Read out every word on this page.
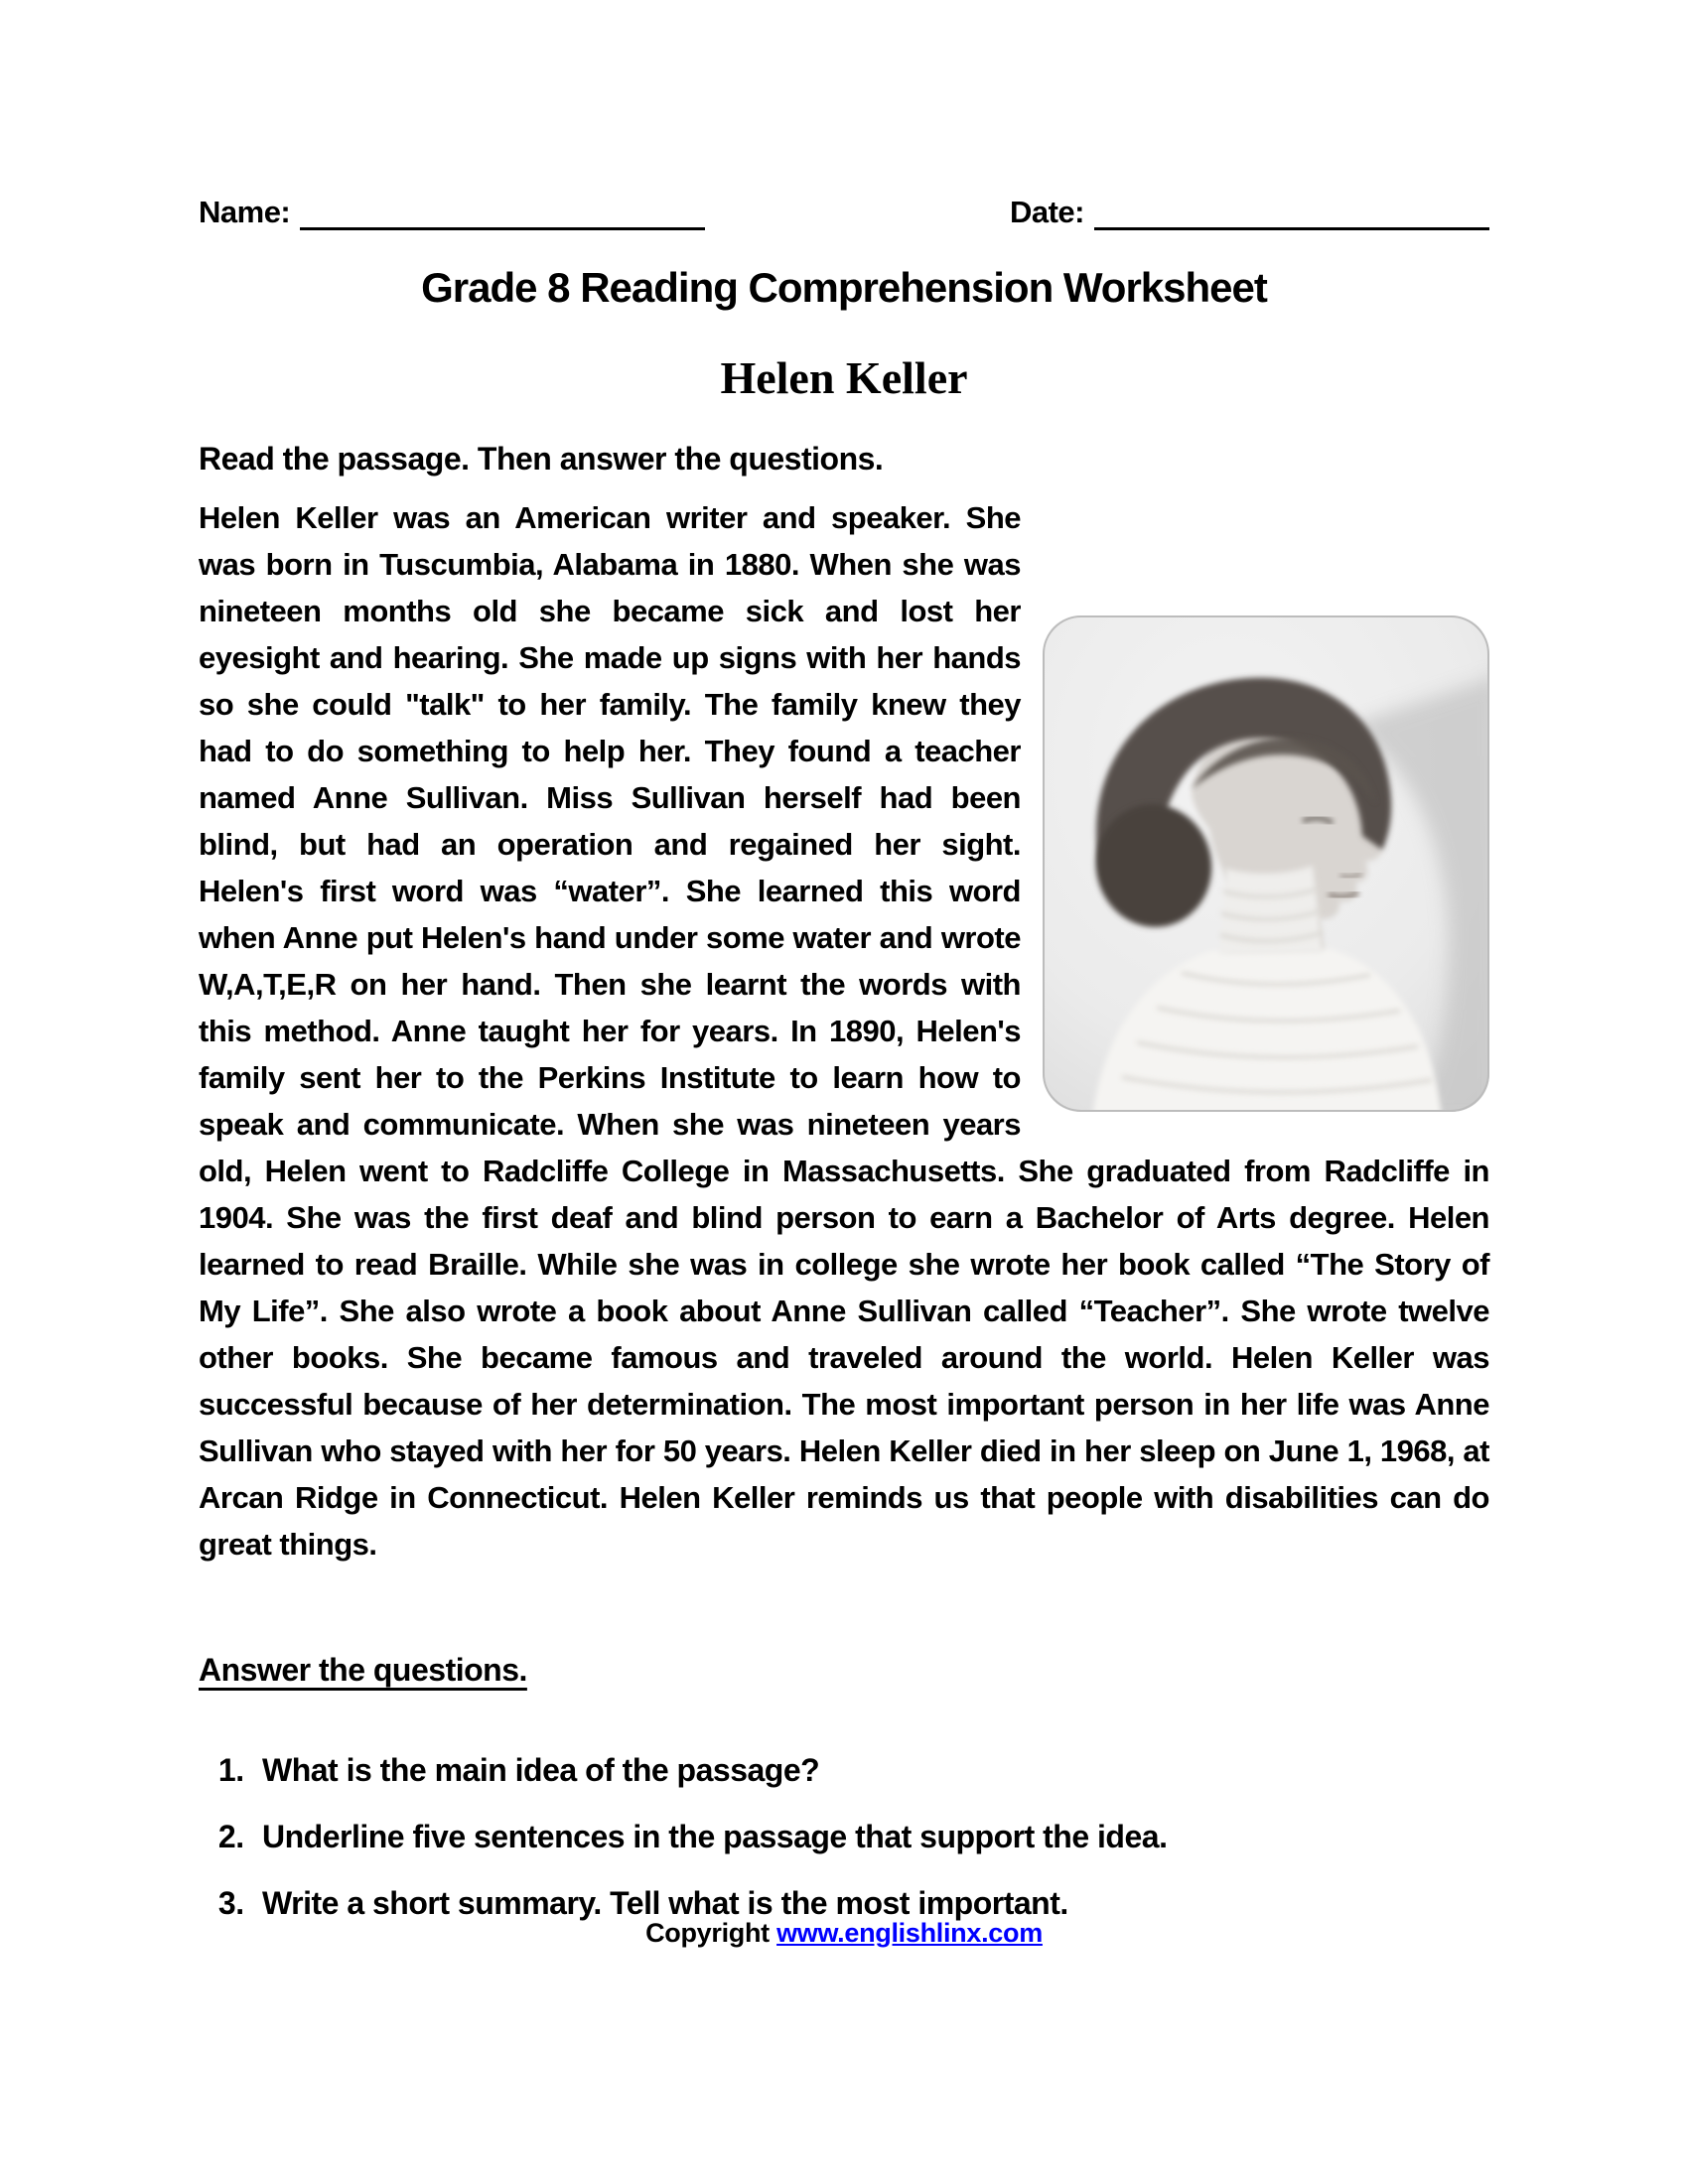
Name:	Date:
Grade 8 Reading Comprehension Worksheet
Helen Keller
Read the passage. Then answer the questions.
Helen Keller was an American writer and speaker. She was born in Tuscumbia, Alabama in 1880. When she was nineteen months old she became sick and lost her eyesight and hearing. She made up signs with her hands so she could "talk" to her family. The family knew they had to do something to help her. They found a teacher named Anne Sullivan. Miss Sullivan herself had been blind, but had an operation and regained her sight. Helen's first word was “water”. She learned this word when Anne put Helen's hand under some water and wrote W,A,T,E,R on her hand. Then she learnt the words with this method. Anne taught her for years. In 1890, Helen's family sent her to the Perkins Institute to learn how to speak and communicate. When she was nineteen years old, Helen went to Radcliffe College in Massachusetts. She graduated from Radcliffe in 1904. She was the first deaf and blind person to earn a Bachelor of Arts degree. Helen learned to read Braille. While she was in college she wrote her book called “The Story of My Life”. She also wrote a book about Anne Sullivan called “Teacher”. She wrote twelve other books. She became famous and traveled around the world. Helen Keller was successful because of her determination. The most important person in her life was Anne Sullivan who stayed with her for 50 years. Helen Keller died in her sleep on June 1, 1968, at Arcan Ridge in Connecticut. Helen Keller reminds us that people with disabilities can do great things.
Answer the questions.
1. What is the main idea of the passage?
2. Underline five sentences in the passage that support the idea.
3. Write a short summary. Tell what is the most important.
Copyright www.englishlinx.com
